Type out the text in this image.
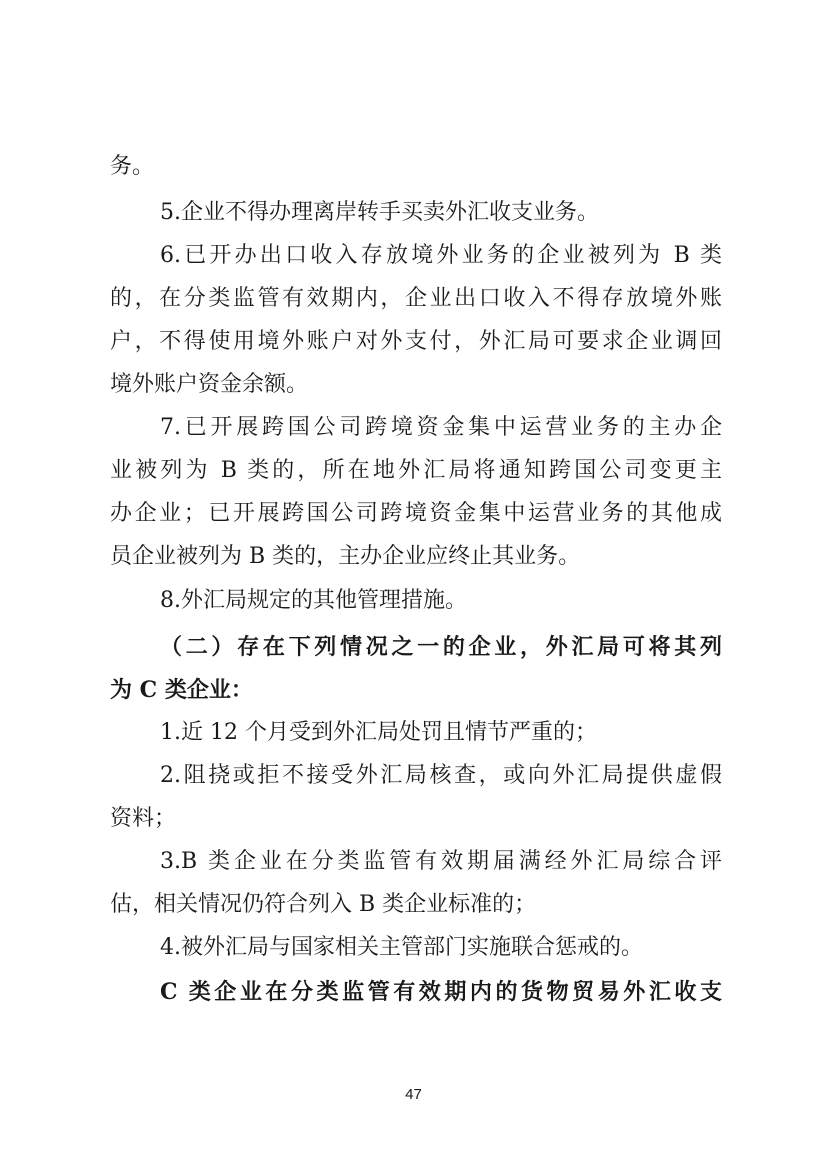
务。
5.企业不得办理离岸转手买卖外汇收支业务。
6.已开办出口收入存放境外业务的企业被列为 B 类
的，在分类监管有效期内，企业出口收入不得存放境外账
户，不得使用境外账户对外支付，外汇局可要求企业调回
境外账户资金余额。
7.已开展跨国公司跨境资金集中运营业务的主办企
业被列为 B 类的，所在地外汇局将通知跨国公司变更主
办企业；已开展跨国公司跨境资金集中运营业务的其他成
员企业被列为 B 类的，主办企业应终止其业务。
8.外汇局规定的其他管理措施。
（二）存在下列情况之一的企业，外汇局可将其列
为 C 类企业：
1.近 12 个月受到外汇局处罚且情节严重的；
2.阻挠或拒不接受外汇局核查，或向外汇局提供虚假
资料；
3.B 类企业在分类监管有效期届满经外汇局综合评
估，相关情况仍符合列入 B 类企业标准的；
4.被外汇局与国家相关主管部门实施联合惩戒的。
C 类企业在分类监管有效期内的货物贸易外汇收支
47
